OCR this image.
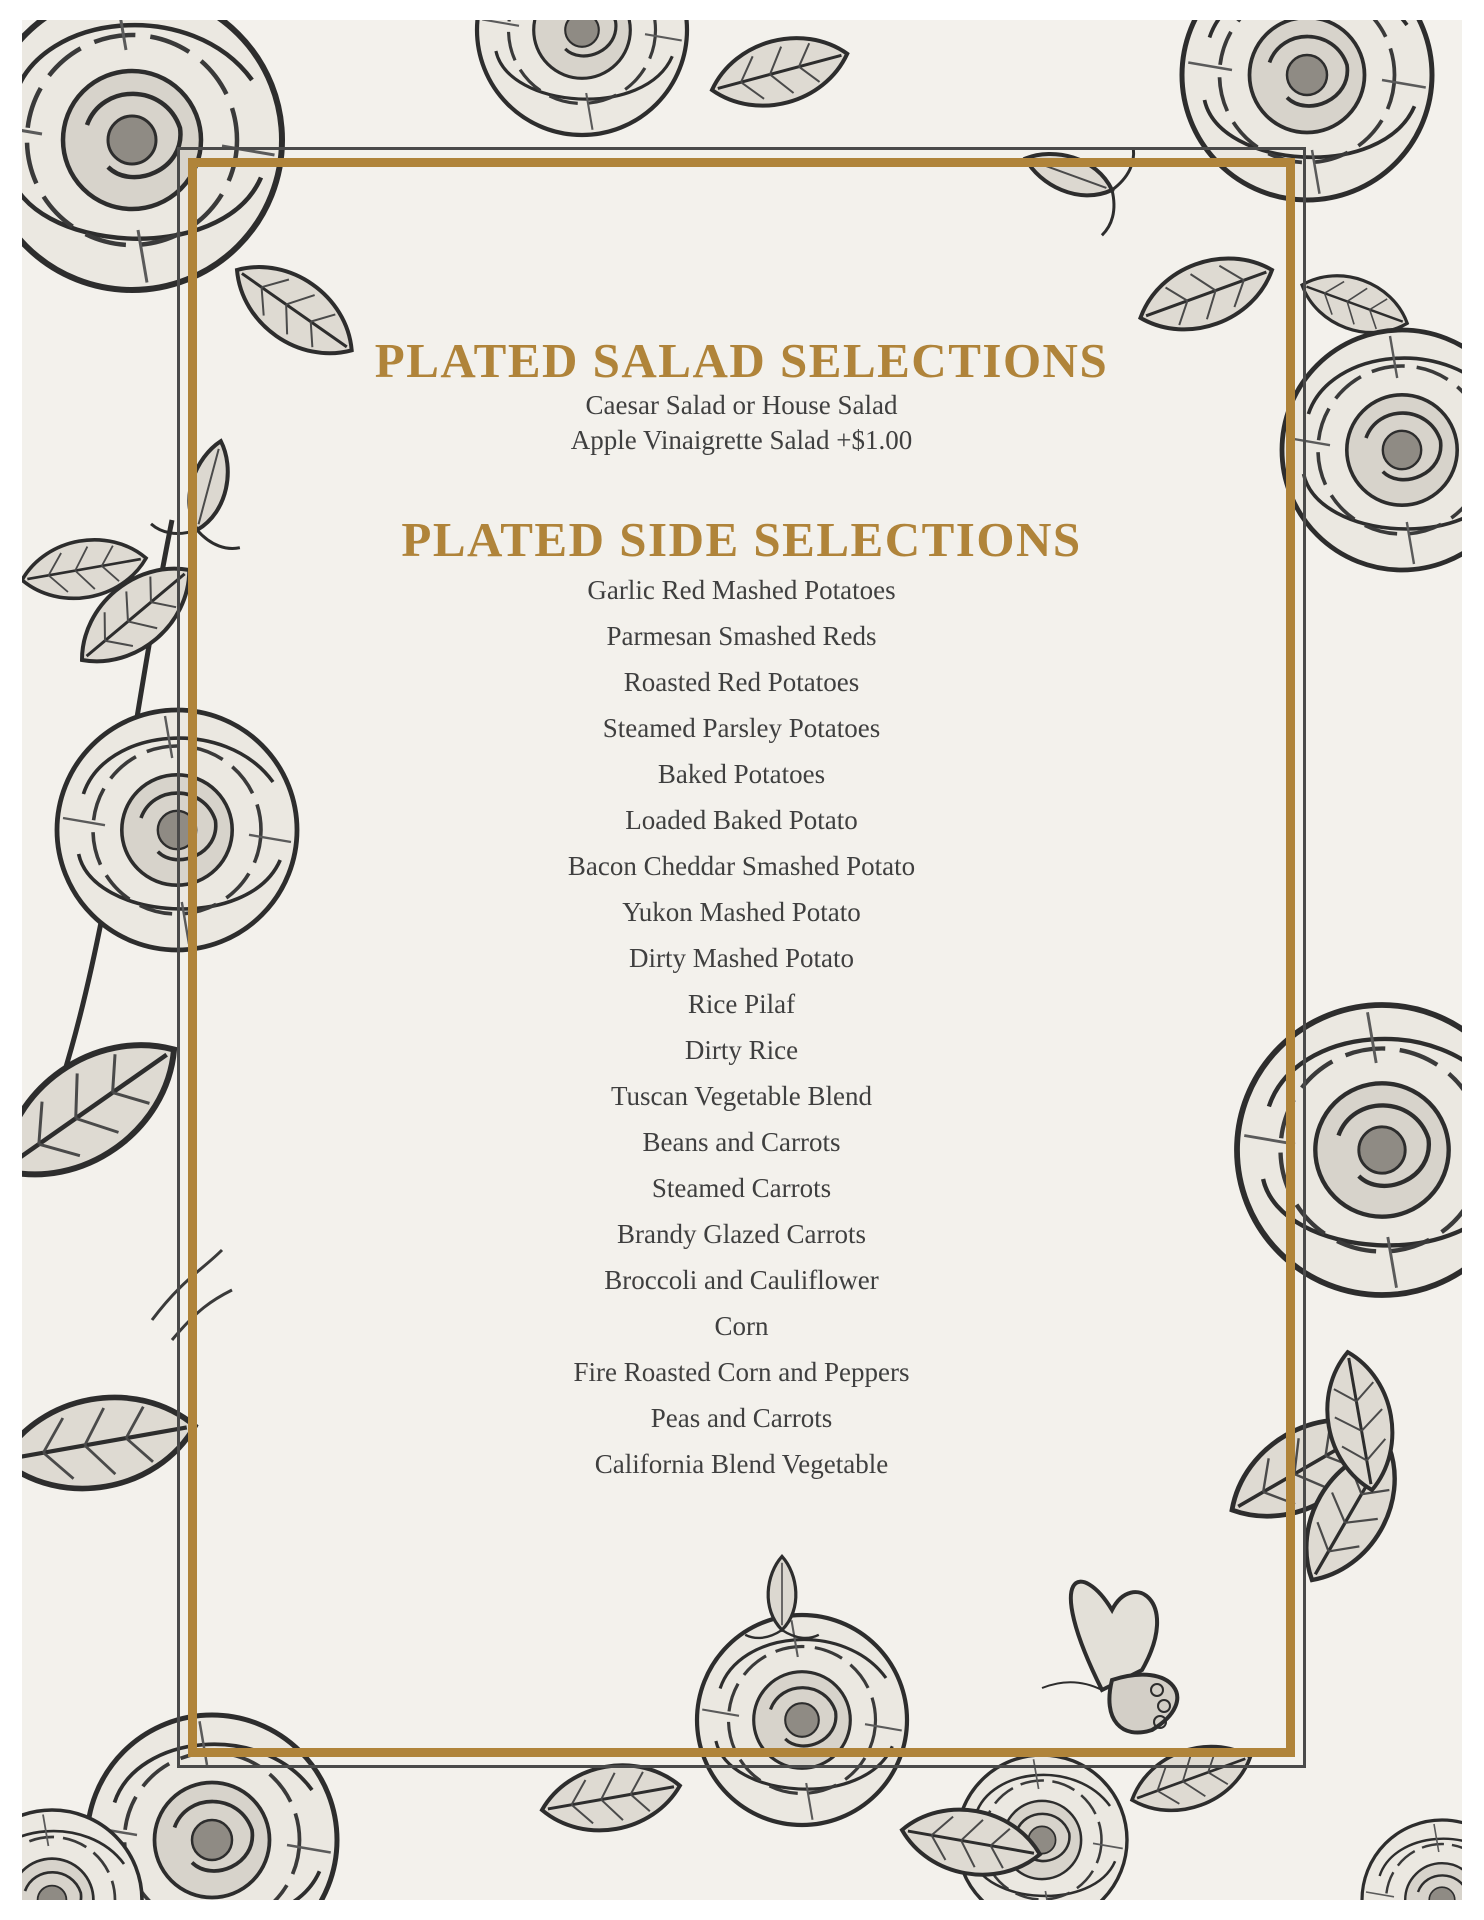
PLATED SALAD SELECTIONS
Caesar Salad or House Salad
Apple Vinaigrette Salad +$1.00
PLATED SIDE SELECTIONS
Garlic Red Mashed Potatoes
Parmesan Smashed Reds
Roasted Red Potatoes
Steamed Parsley Potatoes
Baked Potatoes
Loaded Baked Potato
Bacon Cheddar Smashed Potato
Yukon Mashed Potato
Dirty Mashed Potato
Rice Pilaf
Dirty Rice
Tuscan Vegetable Blend
Beans and Carrots
Steamed Carrots
Brandy Glazed Carrots
Broccoli and Cauliflower
Corn
Fire Roasted Corn and Peppers
Peas and Carrots
California Blend Vegetable
